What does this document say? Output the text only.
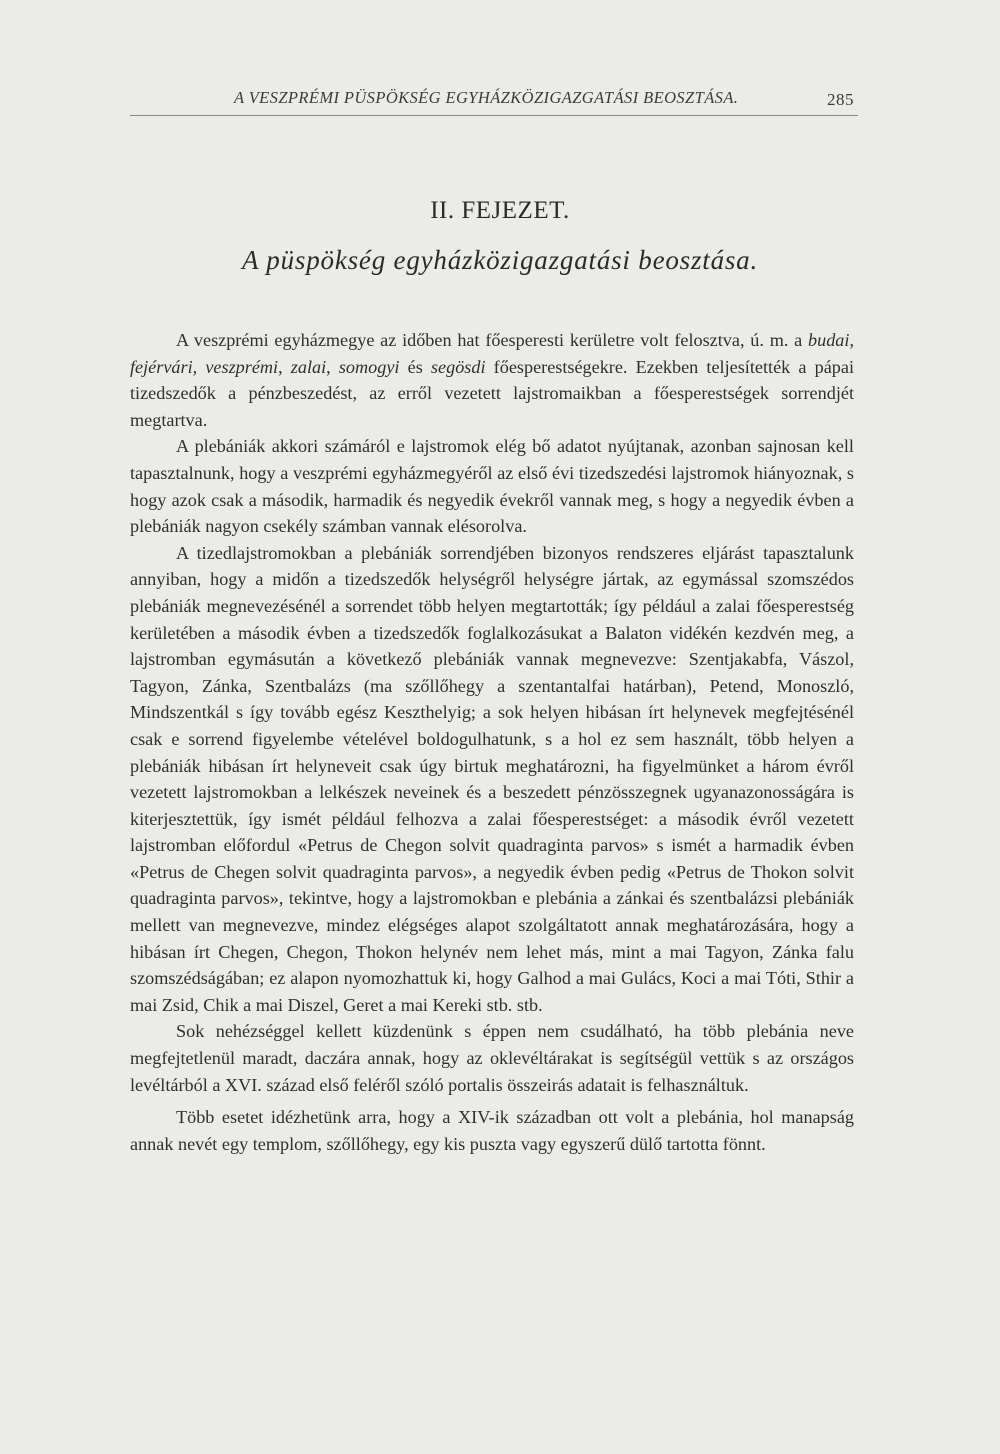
A VESZPRÉMI PÜSPÖKSÉG EGYHÁZKÖZIGAZGATÁSI BEOSZTÁSA.	285
II. FEJEZET.
A püspökség egyházközigazgatási beosztása.

A veszprémi egyházmegye az időben hat főesperesti kerületre volt felosztva, ú. m. a budai, fejérvári, veszprémi, zalai, somogyi és segösdi főesperestségekre. Ezekben teljesítették a pápai tizedszedők a pénzbeszedést, az erről vezetett lajstromaikban a főesperestségek sorrendjét megtartva.

A plebániák akkori számáról e lajstromok elég bő adatot nyújtanak, azonban sajnosan kell tapasztalnunk, hogy a veszprémi egyházmegyéről az első évi tizedszedési lajstromok hiányoznak, s hogy azok csak a második, harmadik és negyedik évekről vannak meg, s hogy a negyedik évben a plebániák nagyon csekély számban vannak elésorolva.

A tizedlajstromokban a plebániák sorrendjében bizonyos rendszeres eljárást tapasztalunk annyiban, hogy a midőn a tizedszedők helységről helységre jártak, az egymással szomszédos plebániák megnevezésénél a sorrendet több helyen megtartották; így például a zalai főesperestség kerületében a második évben a tizedszedők foglalkozásukat a Balaton vidékén kezdvén meg, a lajstromban egymásután a következő plebániák vannak megnevezve: Szentjakabfa, Vászol, Tagyon, Zánka, Szentbalázs (ma szőllőhegy a szentantalfai határban), Petend, Monoszló, Mindszentkál s így tovább egész Keszthelyig; a sok helyen hibásan írt helynevek megfejtésénél csak e sorrend figyelembe vételével boldogulhatunk, s a hol ez sem használt, több helyen a plebániák hibásan írt helyneveit csak úgy birtuk meghatározni, ha figyelmünket a három évről vezetett lajstromokban a lelkészek neveinek és a beszedett pénzösszegnek ugyanazonosságára is kiterjesztettük, így ismét például felhozva a zalai főesperestséget: a második évről vezetett lajstromban előfordul «Petrus de Chegon solvit quadraginta parvos» s ismét a harmadik évben «Petrus de Chegen solvit quadraginta parvos», a negyedik évben pedig «Petrus de Thokon solvit quadraginta parvos», tekintve, hogy a lajstromokban e plebánia a zánkai és szentbalázsi plebániák mellett van megnevezve, mindez elégséges alapot szolgáltatott annak meghatározására, hogy a hibásan írt Chegen, Chegon, Thokon helynév nem lehet más, mint a mai Tagyon, Zánka falu szomszédságában; ez alapon nyomozhattuk ki, hogy Galhod a mai Gulács, Koci a mai Tóti, Sthir a mai Zsid, Chik a mai Diszel, Geret a mai Kereki stb. stb.

Sok nehézséggel kellett küzdenünk s éppen nem csudálható, ha több plebánia neve megfejtetlenül maradt, daczára annak, hogy az oklevéltárakat is segítségül vettük s az országos levéltárból a XVI. század első feléről szóló portalis összeirás adatait is felhasználtuk.

Több esetet idézhetünk arra, hogy a XIV-ik században ott volt a plebánia, hol manapság annak nevét egy templom, szőllőhegy, egy kis puszta vagy egyszerű dülő tartotta fönnt.
